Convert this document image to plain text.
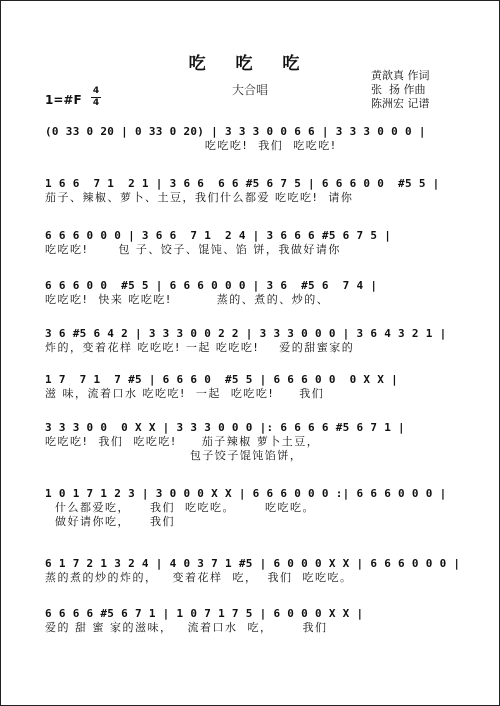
吃 吃 吃
大合唱
1=#F
4
4
黄歆真 作词
张  扬 作曲
陈洲宏 记谱
(0 33 0 20 | 0 33 0 20) | 3 3 3 0 0 6 6 | 3 3 3 0 0 0 |
吃吃吃!  我们  吃吃吃!
1 6 6  7 1  2 1 | 3 6 6  6 6 #5 6 7 5 | 6 6 6 0 0  #5 5 |
茄子、辣椒、萝卜、土豆，我们什么都爱 吃吃吃!  请你
6 6 6 0 0 0 | 3 6 6  7 1  2 4 | 3 6 6 6 #5 6 7 5 |
吃吃吃!      包 子、饺子、馄饨、馅 饼，我做好请你
6 6 6 0 0  #5 5 | 6 6 6 0 0 0 | 3 6  #5 6  7 4 |
吃吃吃!  快来 吃吃吃!         蒸的、煮的、炒的、
3 6 #5 6 4 2 | 3 3 3 0 0 2 2 | 3 3 3 0 0 0 | 3 6 4 3 2 1 |
炸的，变着花样 吃吃吃! 一起 吃吃吃!    爱的甜蜜家的
1 7  7 1  7 #5 | 6 6 6 0  #5 5 | 6 6 6 0 0  0 X X |
滋 味，流着口水 吃吃吃!  一起  吃吃吃!     我们
3 3 3 0 0  0 X X | 3 3 3 0 0 0 |: 6 6 6 6 #5 6 7 1 |
吃吃吃!  我们  吃吃吃!     茄子辣椒 萝卜土豆，
包子饺子馄饨馅饼，
1 0 1 7 1 2 3 | 3 0 0 0 X X | 6 6 6 0 0 0 :| 6 6 6 0 0 0 |
什么都爱吃，    我们  吃吃吃。      吃吃吃。
做好请你吃，    我们
6 1 7 2 1 3 2 4 | 4 0 3 7 1 #5 | 6 0 0 0 X X | 6 6 6 0 0 0 |
蒸的煮的炒的炸的，   变着花样  吃，  我们  吃吃吃。
6 6 6 6 #5 6 7 1 | 1 0 7 1 7 5 | 6 0 0 0 X X |
爱的 甜 蜜 家的滋味，   流着口水  吃，      我们
